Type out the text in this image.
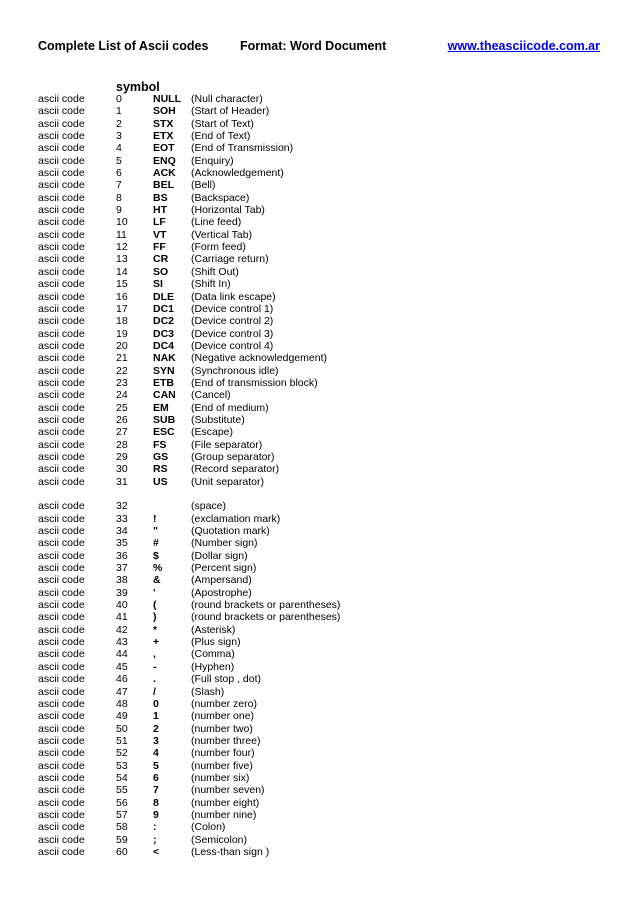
Complete List of Ascii codes	Format: Word Document	www.theasciicode.com.ar
symbol
ascii code	0	NULL (Null character)
ascii code	1	SOH (Start of Header)
ascii code	2	STX (Start of Text)
ascii code	3	ETX (End of Text)
ascii code	4	EOT (End of Transmission)
ascii code	5	ENQ (Enquiry)
ascii code	6	ACK (Acknowledgement)
ascii code	7	BEL (Bell)
ascii code	8	BS (Backspace)
ascii code	9	HT (Horizontal Tab)
ascii code	10 LF (Line feed)
ascii code	11 VT (Vertical Tab)
ascii code	12 FF (Form feed)
ascii code	13 CR (Carriage return)
ascii code	14 SO (Shift Out)
ascii code	15 SI	(Shift In)
ascii code	16 DLE (Data link escape)
ascii code	17 DC1 (Device control 1)
ascii code	18 DC2 (Device control 2)
ascii code	19 DC3 (Device control 3)
ascii code	20 DC4 (Device control 4)
ascii code	21 NAK (Negative acknowledgement)
ascii code	22 SYN (Synchronous idle)
ascii code	23 ETB (End of transmission block)
ascii code	24 CAN (Cancel)
ascii code	25 EM (End of medium)
ascii code	26 SUB (Substitute)
ascii code	27 ESC (Escape)
ascii code	28 FS (File separator)
ascii code	29 GS (Group separator)
ascii code	30 RS (Record separator)
ascii code	31 US (Unit separator)
ascii code	32	(space)
ascii code	33 !	(exclamation mark)
ascii code	34 "	(Quotation mark)
ascii code	35 #	(Number sign)
ascii code	36 $	(Dollar sign)
ascii code	37 %	(Percent sign)
ascii code	38 &	(Ampersand)
ascii code	39 '	(Apostrophe)
ascii code	40 (	(round brackets or parentheses)
ascii code	41 )	(round brackets or parentheses)
ascii code	42 *	(Asterisk)
ascii code	43 +	(Plus sign)
ascii code	44 ,	(Comma)
ascii code	45 -	(Hyphen)
ascii code	46 .	(Full stop , dot)
ascii code	47 /	(Slash)
ascii code	48 0	(number zero)
ascii code	49 1	(number one)
ascii code	50 2	(number two)
ascii code	51 3	(number three)
ascii code	52 4	(number four)
ascii code	53 5	(number five)
ascii code	54 6	(number six)
ascii code	55 7	(number seven)
ascii code	56 8	(number eight)
ascii code	57 9	(number nine)
ascii code	58 :	(Colon)
ascii code	59 ;	(Semicolon)
ascii code	60 <	(Less-than sign )
